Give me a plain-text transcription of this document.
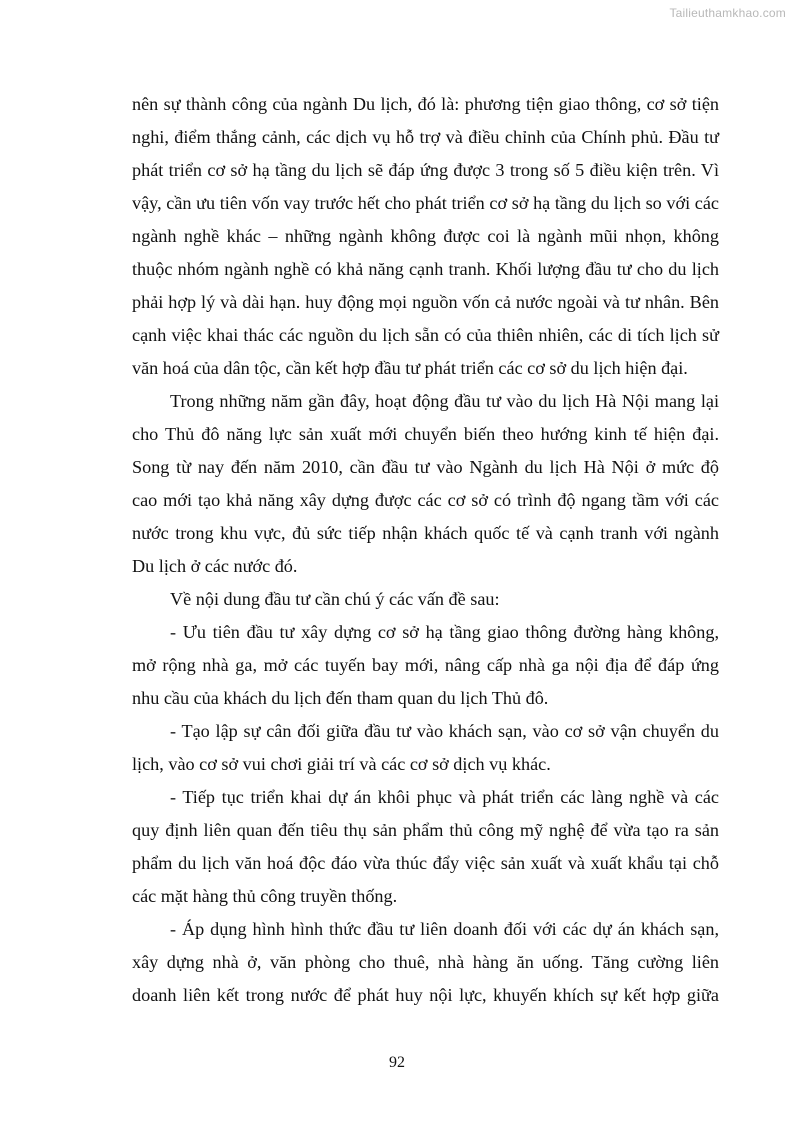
Tailieuthamkhao.com
nên sự thành công của ngành Du lịch, đó là: phương tiện giao thông, cơ sở tiện
nghi, điểm thắng cảnh, các dịch vụ hỗ trợ và điều chỉnh của Chính phủ. Đầu tư
phát triển cơ sở hạ tầng du lịch sẽ đáp ứng được 3 trong số 5 điều kiện trên. Vì
vậy, cần ưu tiên vốn vay trước hết cho phát triển cơ sở hạ tầng du lịch so với các
ngành nghề khác – những ngành không được coi là ngành mũi nhọn, không
thuộc nhóm ngành nghề có khả năng cạnh tranh. Khối lượng đầu tư cho du lịch
phải hợp lý và dài hạn. huy động mọi nguồn vốn cả nước ngoài và tư nhân. Bên
cạnh việc khai thác các nguồn du lịch sẵn có của thiên nhiên, các di tích lịch sử
văn hoá của dân tộc, cần kết hợp đầu tư phát triển các cơ sở du lịch hiện đại.
Trong những năm gần đây, hoạt động đầu tư vào du lịch Hà Nội mang lại
cho Thủ đô năng lực sản xuất mới chuyển biến theo hướng kinh tế hiện đại.
Song từ nay đến năm 2010, cần đầu tư vào Ngành du lịch Hà Nội ở mức độ
cao mới tạo khả năng xây dựng được các cơ sở có trình độ ngang tầm với các
nước trong khu vực, đủ sức tiếp nhận khách quốc tế và cạnh tranh với ngành
Du lịch ở các nước đó.
Về nội dung đầu tư cần chú ý các vấn đề sau:
- Ưu tiên đầu tư xây dựng cơ sở hạ tầng giao thông đường hàng không,
mở rộng nhà ga, mở các tuyến bay mới, nâng cấp nhà ga nội địa để đáp ứng
nhu cầu của khách du lịch đến tham quan du lịch Thủ đô.
- Tạo lập sự cân đối giữa đầu tư vào khách sạn, vào cơ sở vận chuyển du
lịch, vào cơ sở vui chơi giải trí và các cơ sở dịch vụ khác.
- Tiếp tục triển khai dự án khôi phục và phát triển các làng nghề và các
quy định liên quan đến tiêu thụ sản phẩm thủ công mỹ nghệ để vừa tạo ra sản
phẩm du lịch văn hoá độc đáo vừa thúc đẩy việc sản xuất và xuất khẩu tại chỗ
các mặt hàng thủ công truyền thống.
- Áp dụng hình hình thức đầu tư liên doanh đối với các dự án khách sạn,
xây dựng nhà ở, văn phòng cho thuê, nhà hàng ăn uống. Tăng cường liên
doanh liên kết trong nước để phát huy nội lực, khuyến khích sự kết hợp giữa
92
